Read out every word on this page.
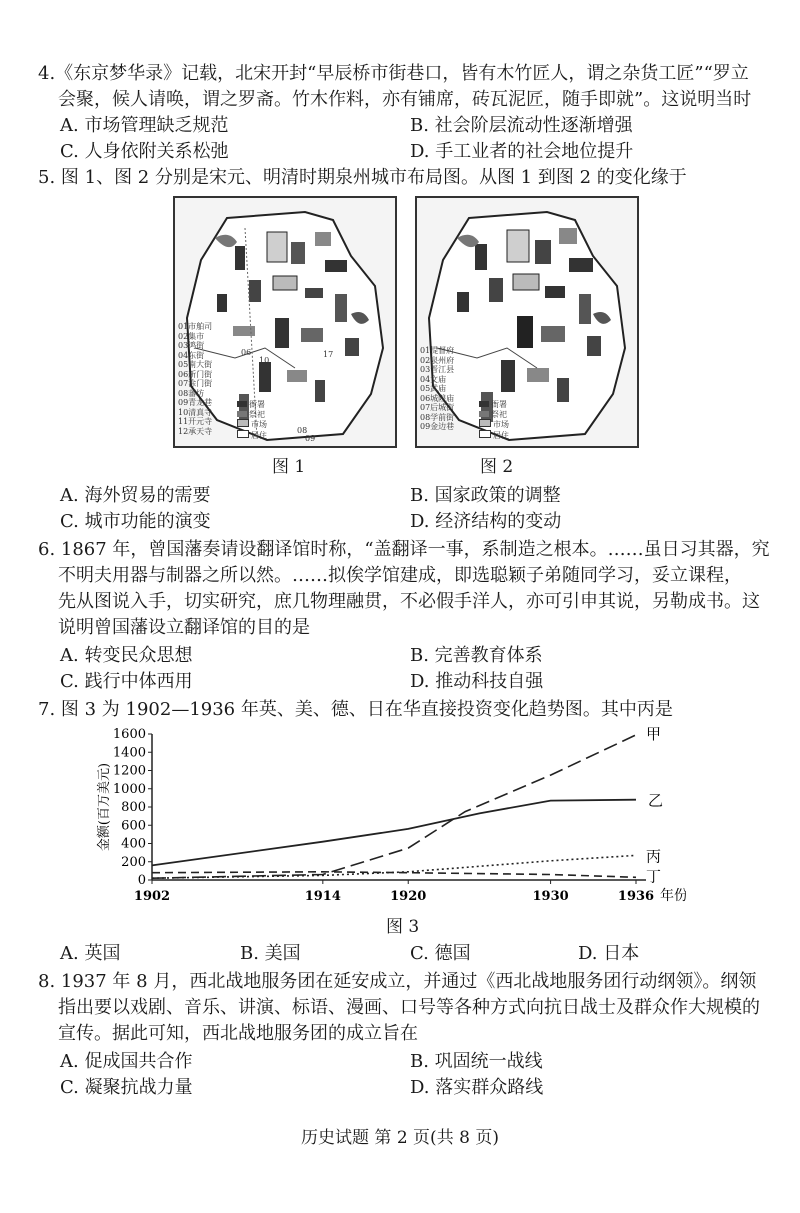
4.《东京梦华录》记载，北宋开封“早辰桥市街巷口，皆有木竹匠人，谓之杂货工匠”“罗立
会聚，候人请唤，谓之罗斋。竹木作料，亦有铺席，砖瓦泥匠，随手即就”。这说明当时
A. 市场管理缺乏规范	B. 社会阶层流动性逐渐增强
C. 人身依附关系松弛	D. 手工业者的社会地位提升
5. 图 1、图 2 分别是宋元、明清时期泉州城市布局图。从图 1 到图 2 的变化缘于
01市舶司
02集市
03鸿街
04东街
05南大街
06新门街
07涂门街
08蕃坊
09青龙巷
10清真寺
11开元寺
12承天寺
衙署
祭祀
市场
居住
06
10
17
08
09
图 1
01提督府
02泉州府
03晋江县
04文庙
05武庙
06城隍庙
07后城街
08学前街
09金边巷
衙署
祭祀
市场
居住
图 2
A. 海外贸易的需要	B. 国家政策的调整
C. 城市功能的演变	D. 经济结构的变动
6. 1867 年，曾国藩奏请设翻译馆时称，“盖翻译一事，系制造之根本。……虽日习其器，究
不明夫用器与制器之所以然。……拟俟学馆建成，即选聪颖子弟随同学习，妥立课程，
先从图说入手，切实研究，庶几物理融贯，不必假手洋人，亦可引申其说，另勒成书。这
说明曾国藩设立翻译馆的目的是
A. 转变民众思想	B. 完善教育体系
C. 践行中体西用	D. 推动科技自强
7. 图 3 为 1902—1936 年英、美、德、日在华直接投资变化趋势图。其中丙是
0
200
400
600
800
1000
1200
1400
1600
1902	1914	1920	1930	1936
甲
乙
丙
丁
金额(百万美元)
年份
图 3
A. 英国	B. 美国	C. 德国	D. 日本
8. 1937 年 8 月，西北战地服务团在延安成立，并通过《西北战地服务团行动纲领》。纲领
指出要以戏剧、音乐、讲演、标语、漫画、口号等各种方式向抗日战士及群众作大规模的
宣传。据此可知，西北战地服务团的成立旨在
A. 促成国共合作	B. 巩固统一战线
C. 凝聚抗战力量	D. 落实群众路线
历史试题 第 2 页(共 8 页)
